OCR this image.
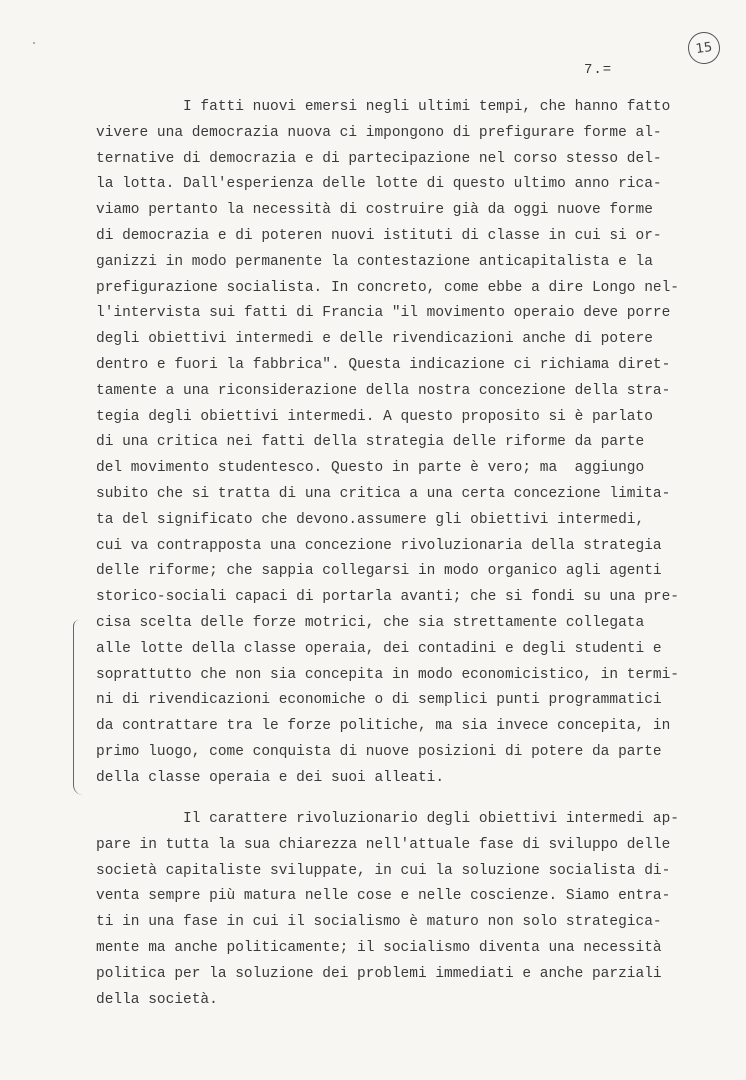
15
7.=

I fatti nuovi emersi negli ultimi tempi, che hanno fatto

vivere una democrazia nuova ci impongono di prefigurare forme al-

ternative di democrazia e di partecipazione nel corso stesso del-

la lotta. Dall'esperienza delle lotte di questo ultimo anno rica-

viamo pertanto la necessità di costruire già da oggi nuove forme

di democrazia e di poteren nuovi istituti di classe in cui si or-

ganizzi in modo permanente la contestazione anticapitalista e la

prefigurazione socialista. In concreto, come ebbe a dire Longo nel-

l'intervista sui fatti di Francia "il movimento operaio deve porre

degli obiettivi intermedi e delle rivendicazioni anche di potere

dentro e fuori la fabbrica". Questa indicazione ci richiama diret-

tamente a una riconsiderazione della nostra concezione della stra-

tegia degli obiettivi intermedi. A questo proposito si è parlato

di una critica nei fatti della strategia delle riforme da parte

del movimento studentesco. Questo in parte è vero; ma  aggiungo

subito che si tratta di una critica a una certa concezione limita-

ta del significato che devono.assumere gli obiettivi intermedi,

cui va contrapposta una concezione rivoluzionaria della strategia

delle riforme; che sappia collegarsi in modo organico agli agenti

storico-sociali capaci di portarla avanti; che si fondi su una pre-

cisa scelta delle forze motrici, che sia strettamente collegata

alle lotte della classe operaia, dei contadini e degli studenti e

soprattutto che non sia concepita in modo economicistico, in termi-

ni di rivendicazioni economiche o di semplici punti programmatici

da contrattare tra le forze politiche, ma sia invece concepita, in

primo luogo, come conquista di nuove posizioni di potere da parte

della classe operaia e dei suoi alleati.

Il carattere rivoluzionario degli obiettivi intermedi ap-

pare in tutta la sua chiarezza nell'attuale fase di sviluppo delle

società capitaliste sviluppate, in cui la soluzione socialista di-

venta sempre più matura nelle cose e nelle coscienze. Siamo entra-

ti in una fase in cui il socialismo è maturo non solo strategica-

mente ma anche politicamente; il socialismo diventa una necessità

politica per la soluzione dei problemi immediati e anche parziali

della società.
